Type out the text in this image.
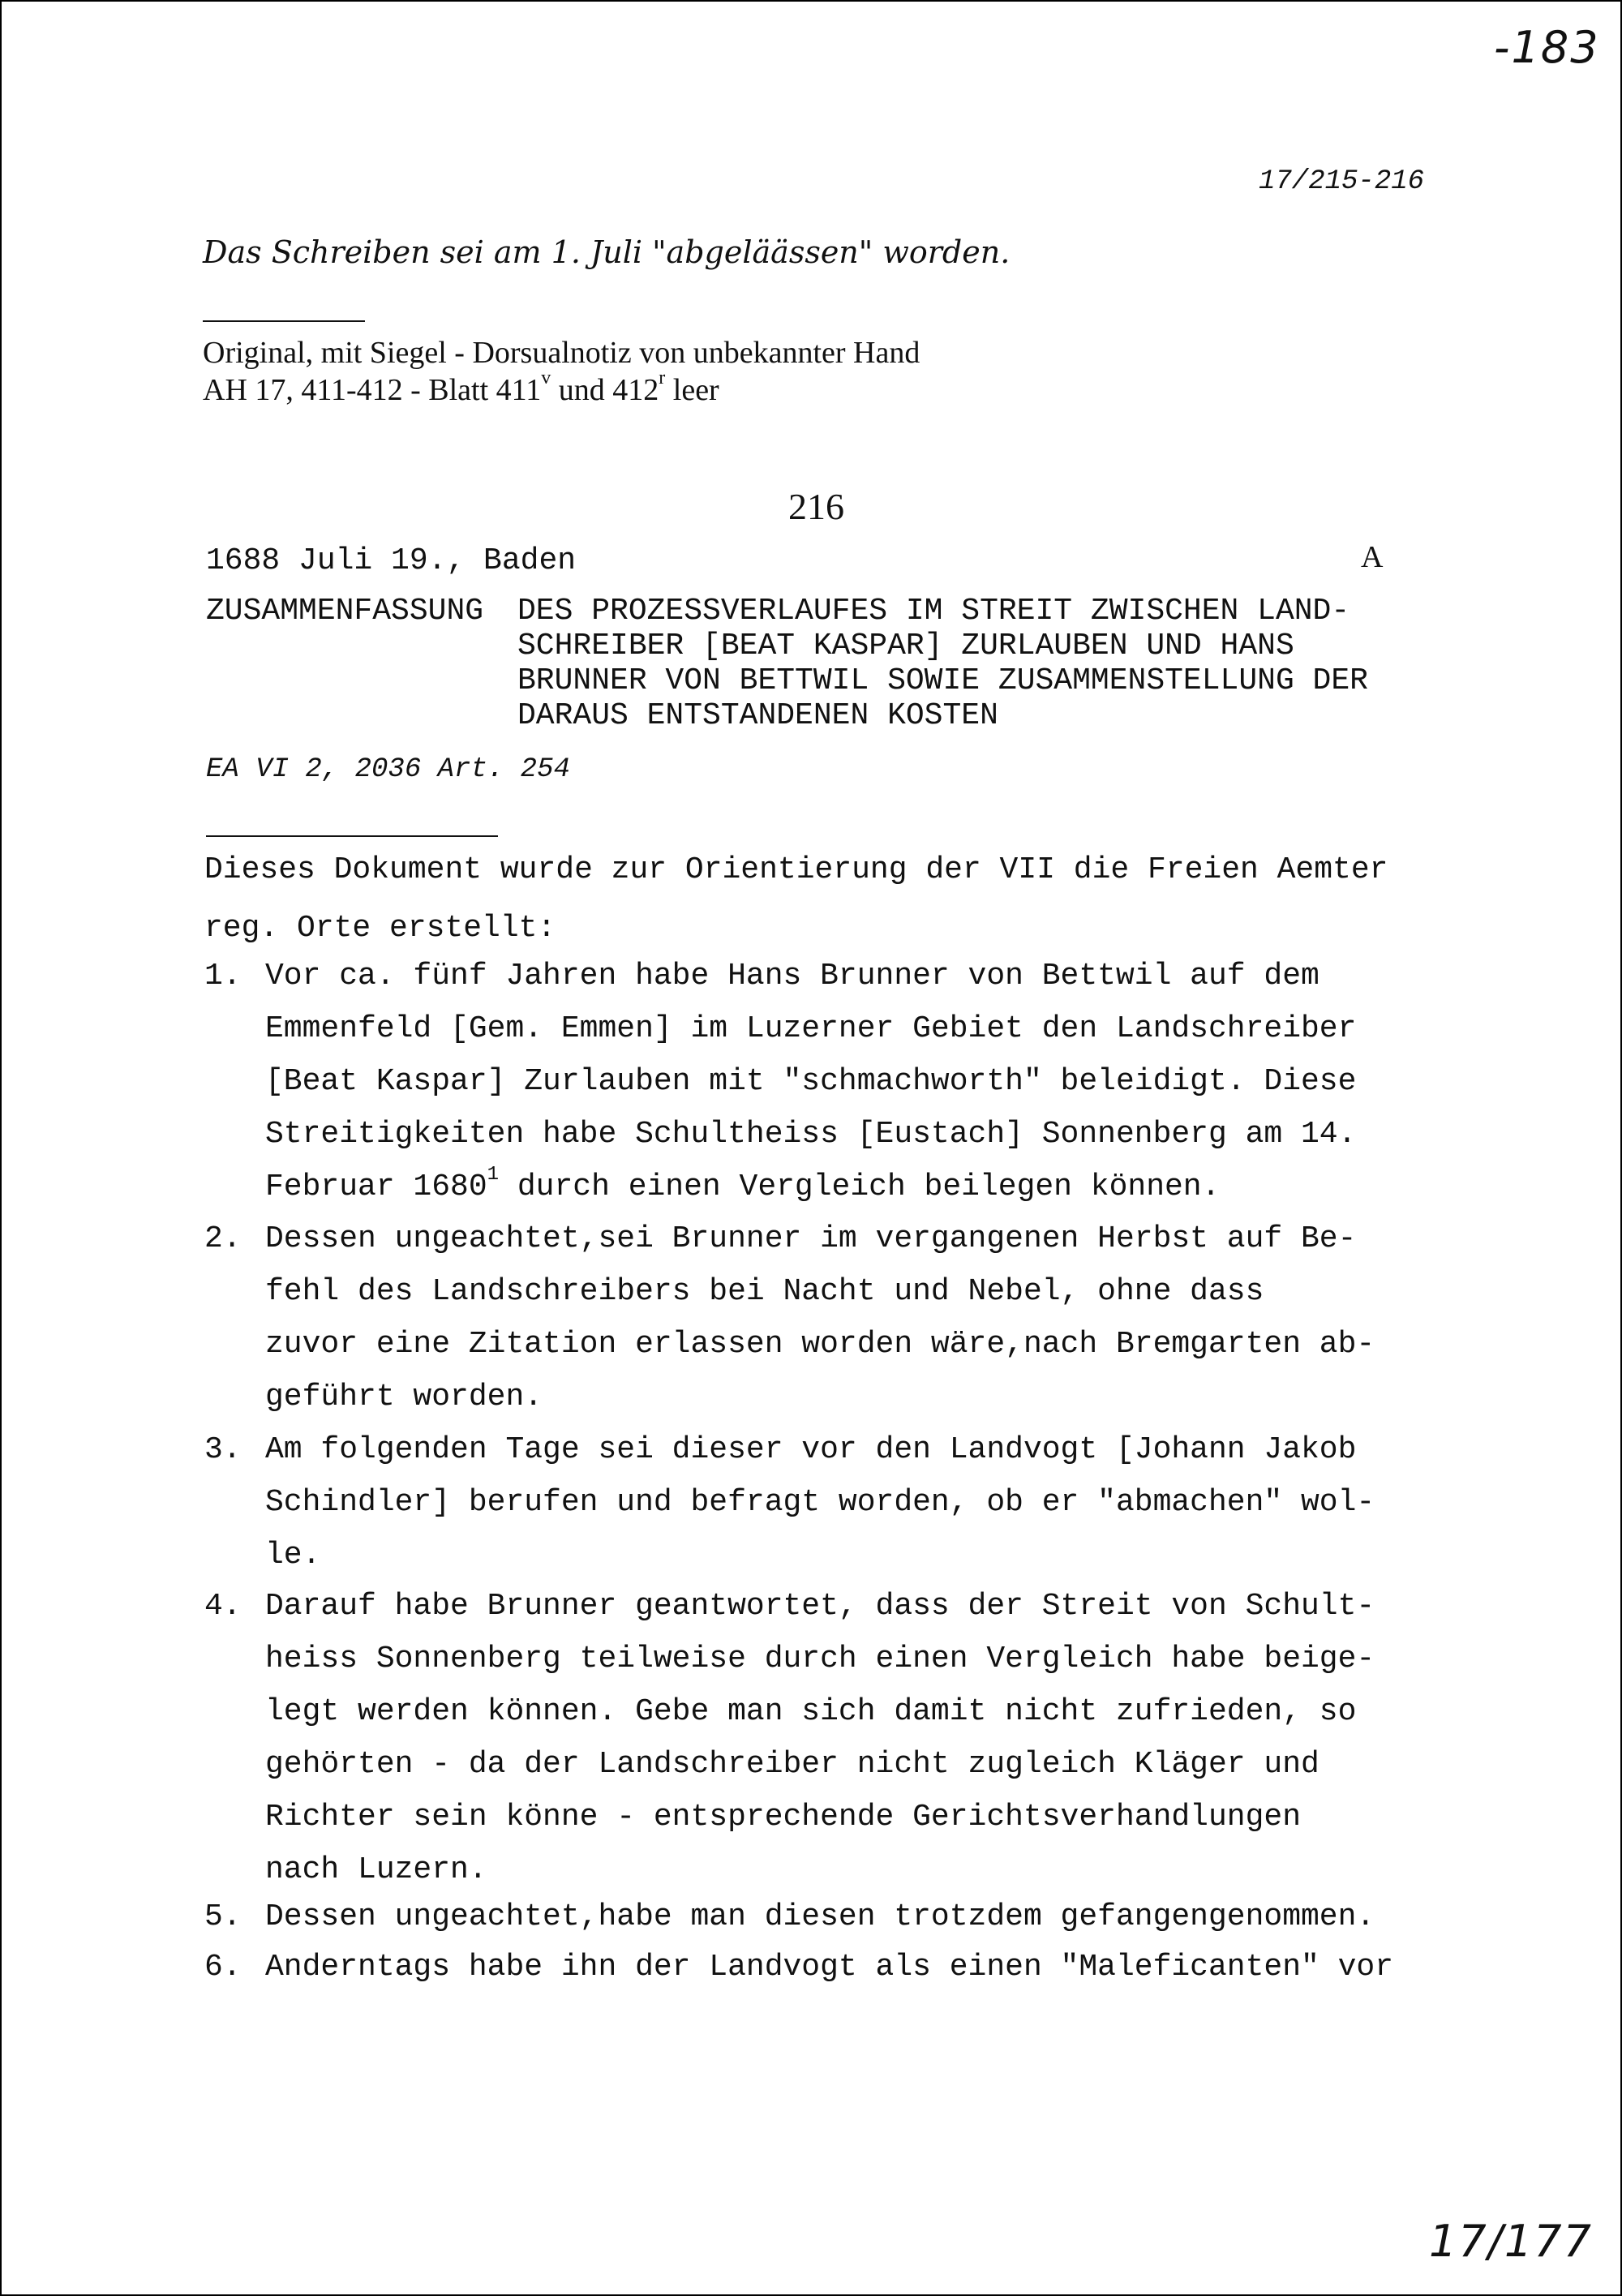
-183
17/215-216
Das Schreiben sei am 1. Juli "abgeläässen" worden.
Original, mit Siegel - Dorsualnotiz von unbekannter Hand
AH 17, 411-412 - Blatt 411$^v$ und 412$^r$ leer
216
1688 Juli 19., Baden	A
ZUSAMMENFASSUNG DES PROZESSVERLAUFES IM STREIT ZWISCHEN LAND-
SCHREIBER [BEAT KASPAR] ZURLAUBEN UND HANS
BRUNNER VON BETTWIL SOWIE ZUSAMMENSTELLUNG DER
DARAUS ENTSTANDENEN KOSTEN
EA VI 2, 2036 Art. 254
Dieses Dokument wurde zur Orientierung der VII die Freien Aemter
reg. Orte erstellt:
1. Vor ca. fünf Jahren habe Hans Brunner von Bettwil auf dem
Emmenfeld [Gem. Emmen] im Luzerner Gebiet den Landschreiber
[Beat Kaspar] Zurlauben mit "schmachworth" beleidigt. Diese
Streitigkeiten habe Schultheiss [Eustach] Sonnenberg am 14.
Februar 1680$^1$ durch einen Vergleich beilegen können.
2. Dessen ungeachtet,sei Brunner im vergangenen Herbst auf Be-
fehl des Landschreibers bei Nacht und Nebel, ohne dass
zuvor eine Zitation erlassen worden wäre,nach Bremgarten ab-
geführt worden.
3. Am folgenden Tage sei dieser vor den Landvogt [Johann Jakob
Schindler] berufen und befragt worden, ob er "abmachen" wol-
le.
4. Darauf habe Brunner geantwortet, dass der Streit von Schult-
heiss Sonnenberg teilweise durch einen Vergleich habe beige-
legt werden können. Gebe man sich damit nicht zufrieden, so
gehörten - da der Landschreiber nicht zugleich Kläger und
Richter sein könne - entsprechende Gerichtsverhandlungen
nach Luzern.
5. Dessen ungeachtet,habe man diesen trotzdem gefangengenommen.
6. Anderntags habe ihn der Landvogt als einen "Maleficanten" vor
17/177
